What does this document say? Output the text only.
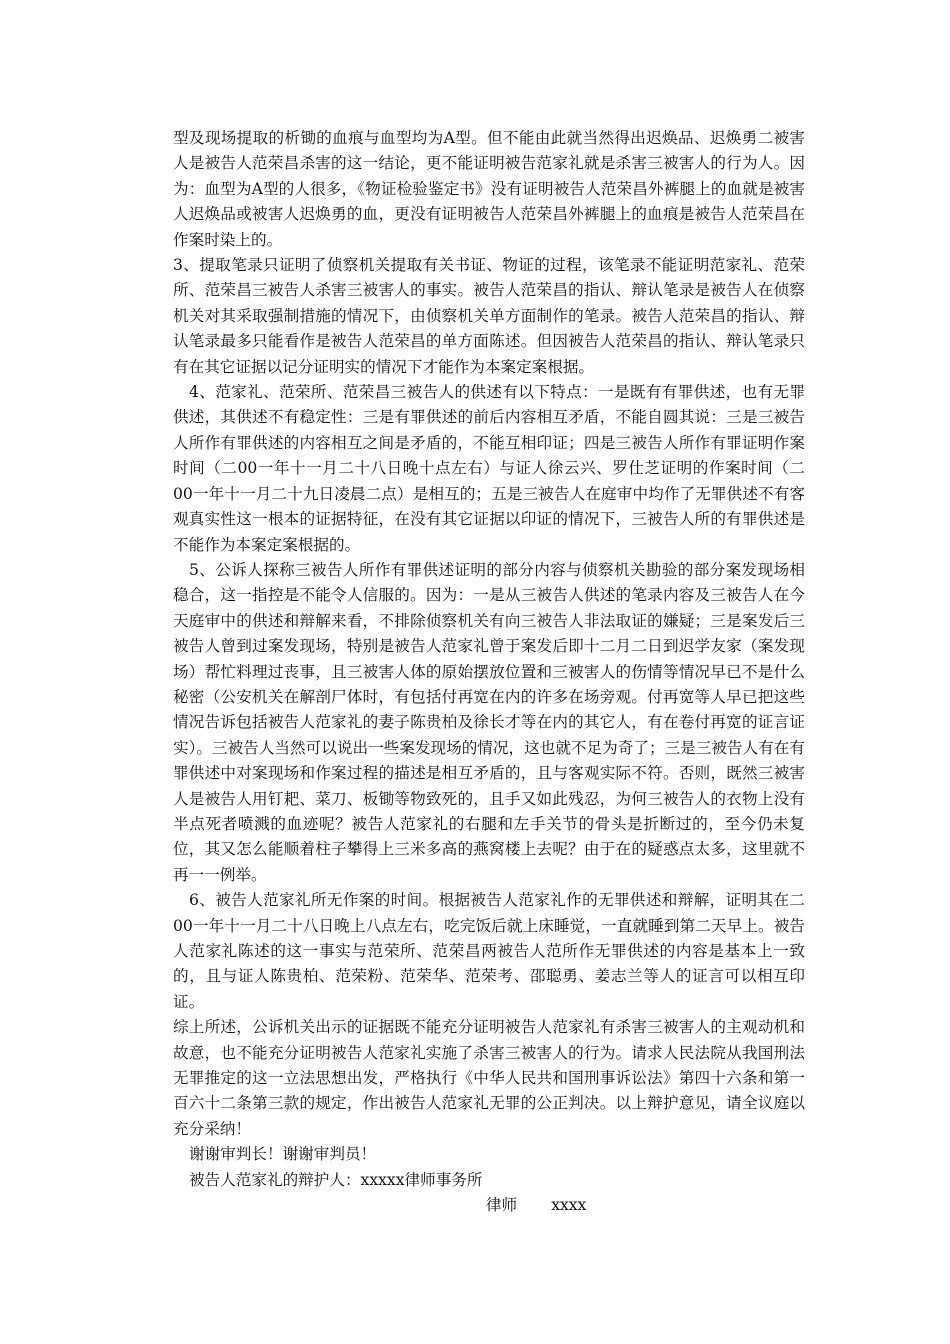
型及现场提取的析锄的血痕与血型均为A型。但不能由此就当然得出迟焕品、迟焕勇二被害人是被告人范荣昌杀害的这一结论，更不能证明被告范家礼就是杀害三被害人的行为人。因为：血型为A型的人很多，《物证检验鉴定书》没有证明被告人范荣昌外裤腿上的血就是被害人迟焕品或被害人迟焕勇的血，更没有证明被告人范荣昌外裤腿上的血痕是被告人范荣昌在作案时染上的。

3、提取笔录只证明了侦察机关提取有关书证、物证的过程，该笔录不能证明范家礼、范荣所、范荣昌三被告人杀害三被害人的事实。被告人范荣昌的指认、辩认笔录是被告人在侦察机关对其采取强制措施的情况下，由侦察机关单方面制作的笔录。被告人范荣昌的指认、辩认笔录最多只能看作是被告人范荣昌的单方面陈述。但因被告人范荣昌的指认、辩认笔录只有在其它证据以记分证明实的情况下才能作为本案定案根据。

4、范家礼、范荣所、范荣昌三被告人的供述有以下特点：一是既有有罪供述，也有无罪供述，其供述不有稳定性：三是有罪供述的前后内容相互矛盾，不能自圆其说：三是三被告人所作有罪供述的内容相互之间是矛盾的，不能互相印证；四是三被告人所作有罪证明作案时间（二00一年十一月二十八日晚十点左右）与证人徐云兴、罗仕芝证明的作案时间（二00一年十一月二十九日凌晨二点）是相互的；五是三被告人在庭审中均作了无罪供述不有客观真实性这一根本的证据特征，在没有其它证据以印证的情况下，三被告人所的有罪供述是不能作为本案定案根据的。

5、公诉人探称三被告人所作有罪供述证明的部分内容与侦察机关勘验的部分案发现场相稳合，这一指控是不能令人信服的。因为：一是从三被告人供述的笔录内容及三被告人在今天庭审中的供述和辩解来看，不排除侦察机关有向三被告人非法取证的嫌疑；三是案发后三被告人曾到过案发现场，特别是被告人范家礼曾于案发后即十二月二日到迟学友家（案发现场）帮忙料理过丧事，且三被害人体的原始摆放位置和三被害人的伤情等情况早已不是什么秘密（公安机关在解剖尸体时，有包括付再宽在内的许多在场旁观。付再宽等人早已把这些情况告诉包括被告人范家礼的妻子陈贵柏及徐长才等在内的其它人，有在卷付再宽的证言证实）。三被告人当然可以说出一些案发现场的情况，这也就不足为奇了；三是三被告人有在有罪供述中对案现场和作案过程的描述是相互矛盾的，且与客观实际不符。否则，既然三被害人是被告人用钉耙、菜刀、板锄等物致死的，且手又如此残忍，为何三被告人的衣物上没有半点死者喷溅的血迹呢？被告人范家礼的右腿和左手关节的骨头是折断过的，至今仍未复位，其又怎么能顺着柱子攀得上三米多高的燕窝楼上去呢？由于在的疑惑点太多，这里就不再一一例举。

6、被告人范家礼所无作案的时间。根据被告人范家礼作的无罪供述和辩解，证明其在二00一年十一月二十八日晚上八点左右，吃完饭后就上床睡觉，一直就睡到第二天早上。被告人范家礼陈述的这一事实与范荣所、范荣昌两被告人范所作无罪供述的内容是基本上一致的，且与证人陈贵柏、范荣粉、范荣华、范荣考、邵聪勇、姜志兰等人的证言可以相互印证。

综上所述，公诉机关出示的证据既不能充分证明被告人范家礼有杀害三被害人的主观动机和故意，也不能充分证明被告人范家礼实施了杀害三被害人的行为。请求人民法院从我国刑法无罪推定的这一立法思想出发，严格执行《中华人民共和国刑事诉讼法》第四十六条和第一百六十二条第三款的规定，作出被告人范家礼无罪的公正判决。以上辩护意见，请全议庭以充分采纳！

谢谢审判长！谢谢审判员！

被告人范家礼的辩护人：xxxxx律师事务所

律师 xxxx
